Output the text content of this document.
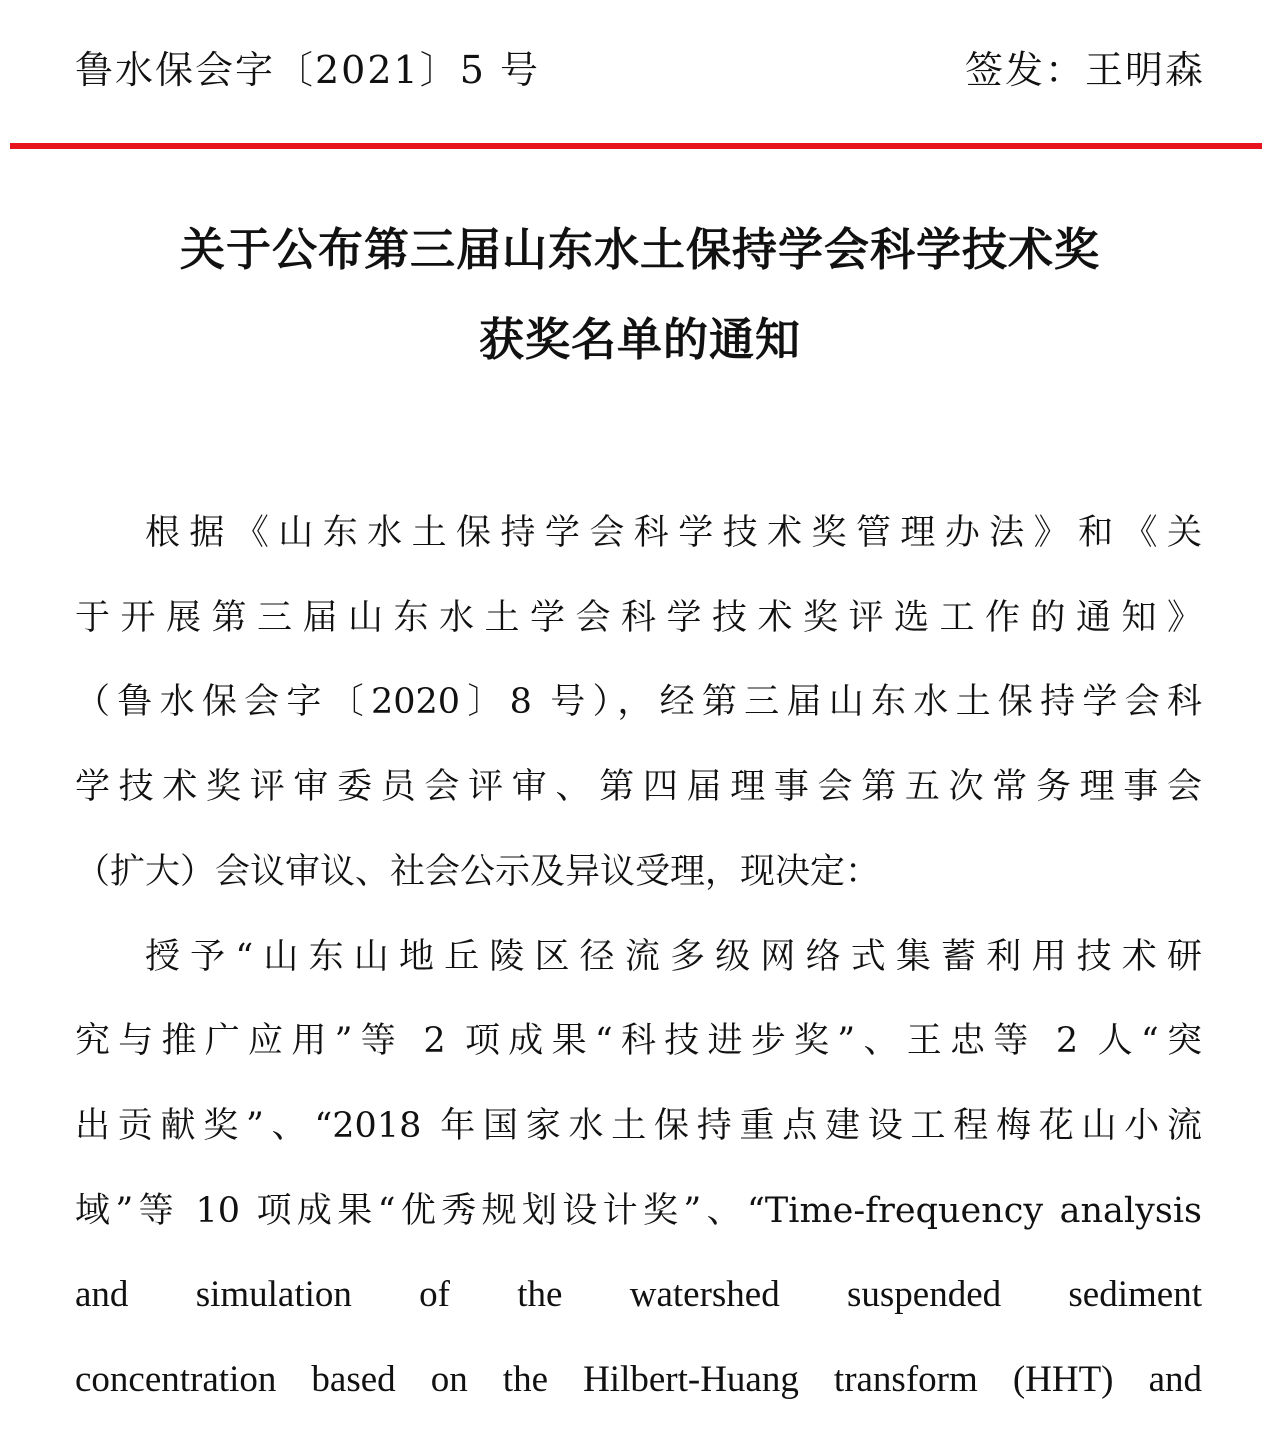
鲁水保会字〔2021〕5 号	签发：王明森
关于公布第三届山东水土保持学会科学技术奖
获奖名单的通知
根据《山东水土保持学会科学技术奖管理办法》和《关
于开展第三届山东水土学会科学技术奖评选工作的通知》
（鲁水保会字〔2020〕8 号），经第三届山东水土保持学会科
学技术奖评审委员会评审、第四届理事会第五次常务理事会
（扩大）会议审议、社会公示及异议受理，现决定：
授予“山东山地丘陵区径流多级网络式集蓄利用技术研
究与推广应用”等 2 项成果“科技进步奖”、王忠等 2 人“突
出贡献奖”、“2018 年国家水土保持重点建设工程梅花山小流
域”等 10 项成果“优秀规划设计奖”、“Time-frequency analysis
and simulation of the watershed suspended sediment
concentration based on the Hilbert-Huang transform (HHT) and
